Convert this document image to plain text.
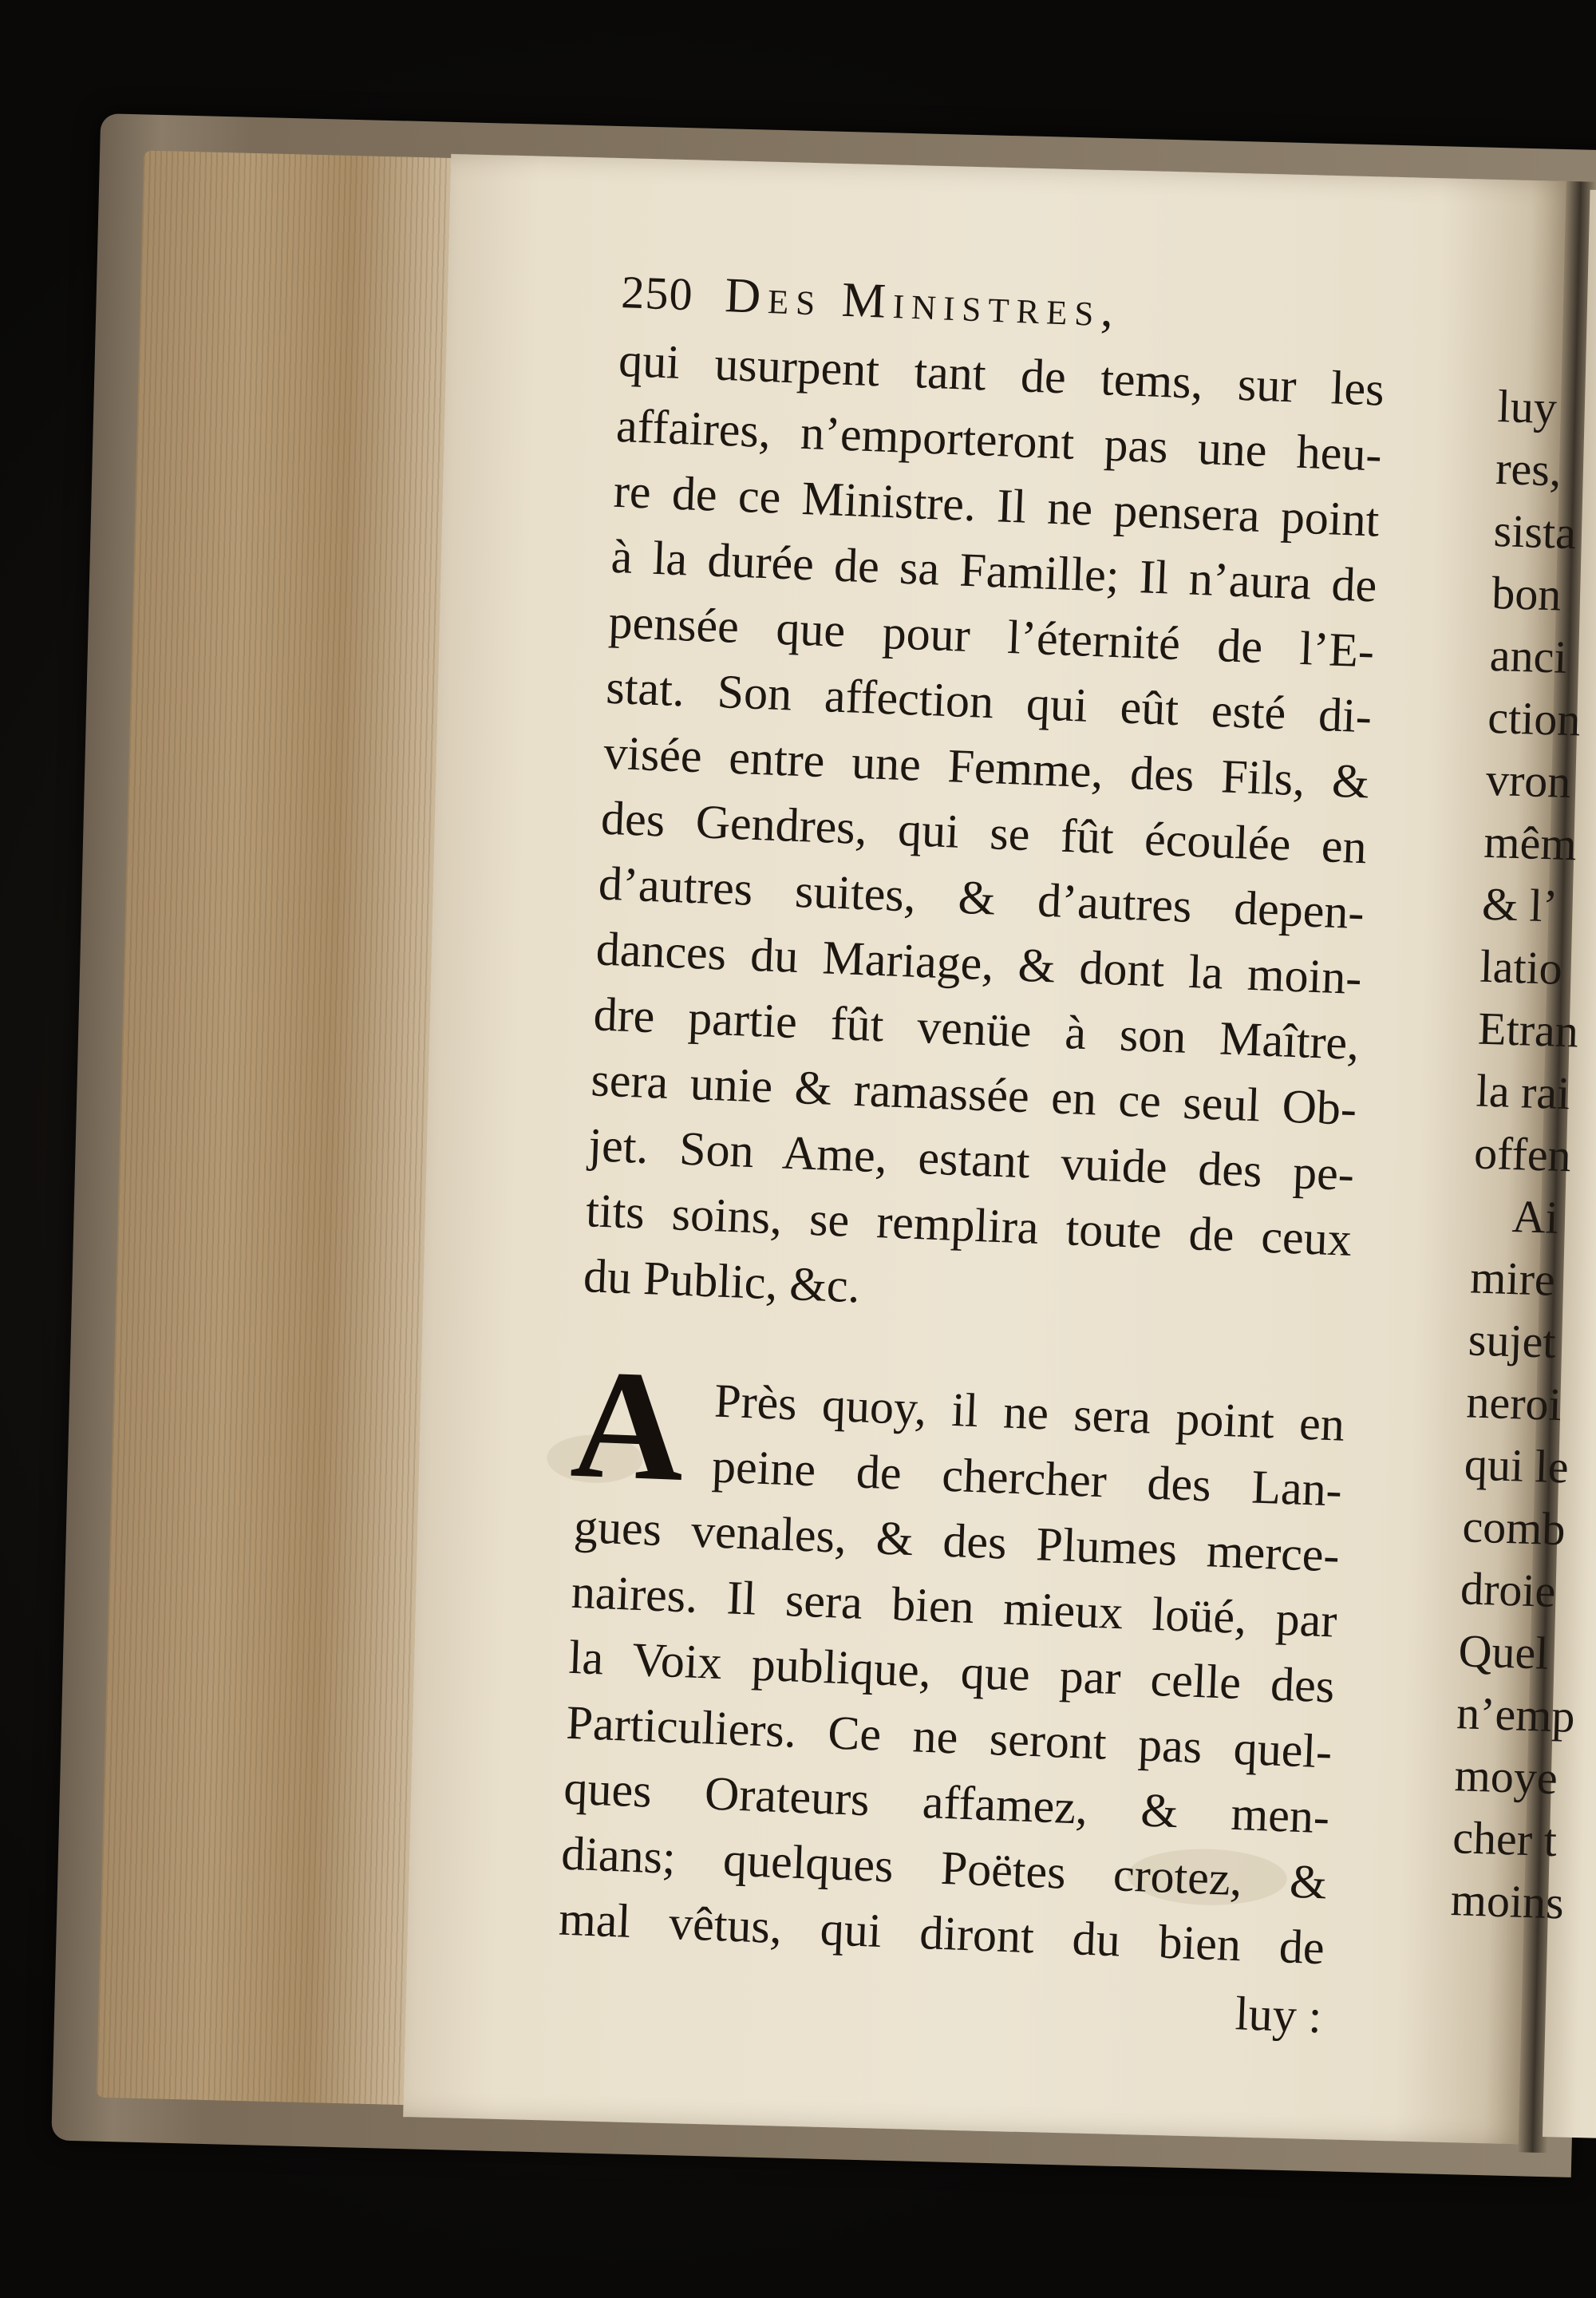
250 Des Ministres,
qui usurpent tant de tems, sur les
affaires, n’emporteront pas une heu-
re de ce Ministre. Il ne pensera point
à la durée de sa Famille; Il n’aura de
pensée que pour l’éternité de l’E-
stat. Son affection qui eût esté di-
visée entre une Femme, des Fils, &
des Gendres, qui se fût écoulée en
d’autres suites, & d’autres depen-
dances du Mariage, & dont la moin-
dre partie fût venüe à son Maître,
sera unie & ramassée en ce seul Ob-
jet. Son Ame, estant vuide des pe-
tits soins, se remplira toute de ceux
du Public, &c.
A Près quoy, il ne sera point en
peine de chercher des Lan-
gues venales, & des Plumes merce-
naires. Il sera bien mieux loüé, par
la Voix publique, que par celle des
Particuliers. Ce ne seront pas quel-
ques Orateurs affamez, & men-
dians; quelques Poëtes crotez, &
mal vêtus, qui diront du bien de
luy :
luy
res,
sista
bon
anci
ction
vron
mêm
& l’
latio
Etran
la rai
offen
Ai
mire
sujet
neroi
qui le
comb
droie
Quel
n’emp
moye
cher t
moins
